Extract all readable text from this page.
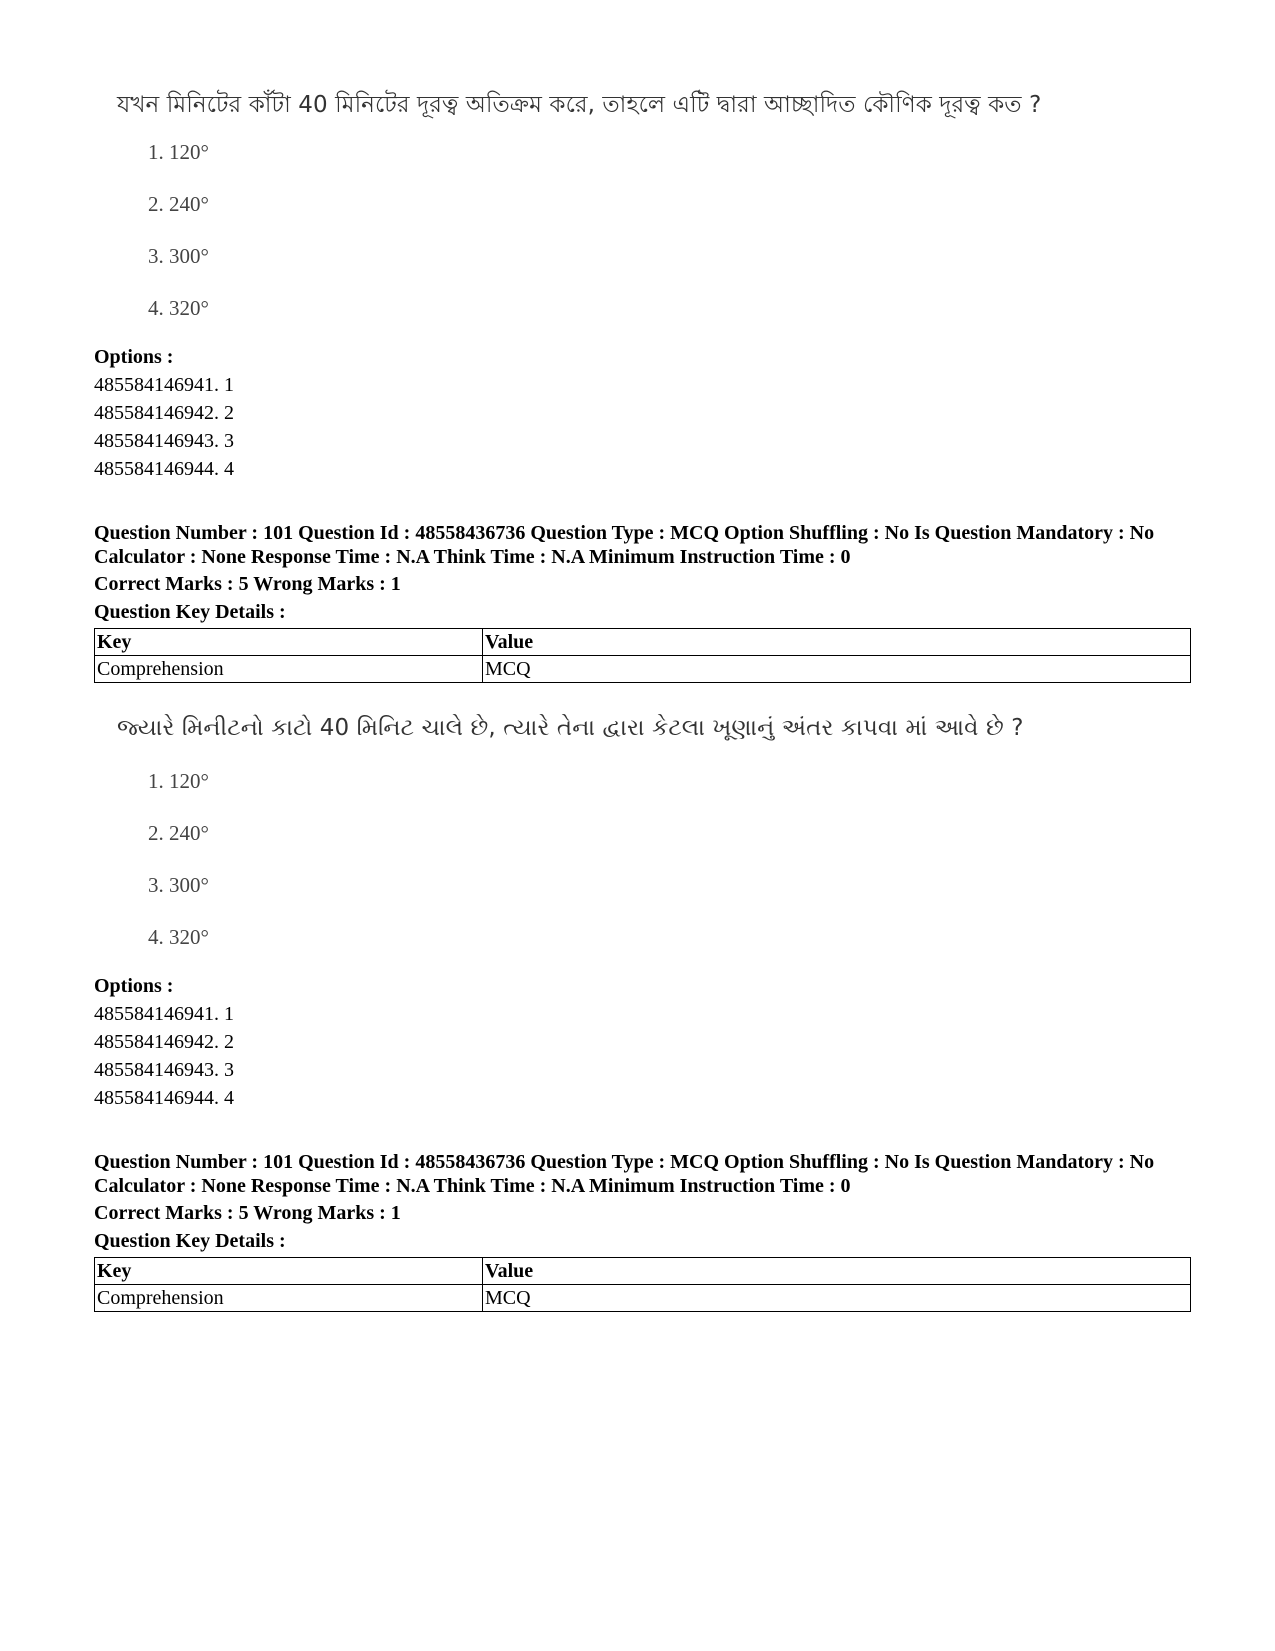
যখন মিনিটের কাঁটা 40 মিনিটের দূরত্ব অতিক্রম করে, তাহলে এটি দ্বারা আচ্ছাদিত কৌণিক দূরত্ব কত ?
1. 120°
2. 240°
3. 300°
4. 320°
Options :
485584146941. 1
485584146942. 2
485584146943. 3
485584146944. 4
Question Number : 101 Question Id : 48558436736 Question Type : MCQ Option Shuffling : No Is Question Mandatory : No Calculator : None Response Time : N.A Think Time : N.A Minimum Instruction Time : 0
Correct Marks : 5 Wrong Marks : 1
Question Key Details :
Key	Value
Comprehension	MCQ
જ્યારે મિનીટનો કાટો 40 મિનિટ ચાલે છે, ત્યારે તેના દ્વારા કેટલા ખૂણાનું અંતર કાપવા માં આવે છે ?
1. 120°
2. 240°
3. 300°
4. 320°
Options :
485584146941. 1
485584146942. 2
485584146943. 3
485584146944. 4
Question Number : 101 Question Id : 48558436736 Question Type : MCQ Option Shuffling : No Is Question Mandatory : No Calculator : None Response Time : N.A Think Time : N.A Minimum Instruction Time : 0
Correct Marks : 5 Wrong Marks : 1
Question Key Details :
Key	Value
Comprehension	MCQ
